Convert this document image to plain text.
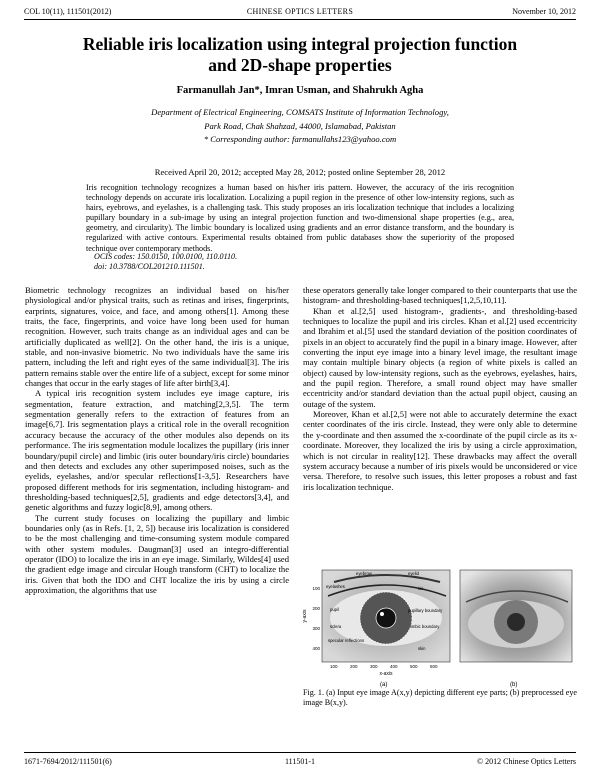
COL 10(11), 111501(2012)	CHINESE OPTICS LETTERS	November 10, 2012
Reliable iris localization using integral projection function
and 2D-shape properties
Farmanullah Jan*, Imran Usman, and Shahrukh Agha
Department of Electrical Engineering, COMSATS Institute of Information Technology,
Park Road, Chak Shahzad, 44000, Islamabad, Pakistan
* Corresponding author: farmanullahs123@yahoo.com
Received April 20, 2012; accepted May 28, 2012; posted online September 28, 2012
Iris recognition technology recognizes a human based on his/her iris pattern. However, the accuracy of the iris recognition technology depends on accurate iris localization. Localizing a pupil region in the presence of other low-intensity regions, such as hairs, eyebrows, and eyelashes, is a challenging task. This study proposes an iris localization technique that includes a localizing pupillary boundary in a sub-image by using an integral projection function and two-dimensional shape properties (e.g., area, geometry, and circularity). The limbic boundary is localized using gradients and an error distance transform, and the boundary is regularized with active contours. Experimental results obtained from public databases show the superiority of the proposed technique over contemporary methods.
OCIS codes: 150.0150, 100.0100, 110.0110.
doi: 10.3788/COL201210.111501.

Biometric technology recognizes an individual based on his/her physiological and/or physical traits, such as retinas and irises, fingerprints, earprints, signatures, voice, and face, and among others[1]. Among these traits, the face, fingerprints, and voice have long been used for human recognition. However, such traits change as an individual ages and can be artificially duplicated as well[2]. On the other hand, the iris is a unique, stable, and non-invasive biometric. No two individuals have the same iris pattern, including the left and right eyes of the same individual[3]. The iris pattern remains stable over the entire life of a subject, except for some minor changes that occur in the early stages of life after birth[3,4].

A typical iris recognition system includes eye image capture, iris segmentation, feature extraction, and matching[2,3,5]. The term segmentation generally refers to the extraction of features from an image[6,7]. Iris segmentation plays a critical role in the overall recognition accuracy because the accuracy of the other modules also depends on its performance. The iris segmentation module localizes the pupillary (iris inner boundary/pupil circle) and limbic (iris outer boundary/iris circle) boundaries and then detects and excludes any other superimposed noises, such as the eyelids, eyelashes, and/or specular reflections[1-3,5]. Researchers have proposed different methods for iris segmentation, including histogram- and thresholding-based techniques[2,5], gradients and edge detectors[3,4], and genetic algorithms and fuzzy logic[8,9], among others.

The current study focuses on localizing the pupillary and limbic boundaries only (as in Refs. [1, 2, 5]) because iris localization is considered to be the most challenging and time-consuming system module compared with other system modules. Daugman[3] used an integro-differential operator (IDO) to localize the iris in an eye image. Similarly, Wildes[4] used the gradient edge image and circular Hough transform (CHT) to localize the iris. Given that both the IDO and CHT localize the iris by using a circle approximation, the algorithms that use

these operators generally take longer compared to their counterparts that use the histogram- and thresholding-based techniques[1,2,5,10,11].

Khan et al.[2,5] used histogram-, gradients-, and thresholding-based techniques to localize the pupil and iris circles. Khan et al.[2] used eccentricity and Ibrahim et al.[5] used the standard deviation of the position coordinates of pixels in an object to accurately find the pupil in a binary image. However, after converting the input eye image into a binary level image, the resultant image may contain multiple binary objects (a region of white pixels is called an object) caused by low-intensity regions, such as the eyebrows, eyelashes, hairs, and the pupil region. Therefore, a small round object may have smaller eccentricity and/or standard deviation than the actual pupil object, causing an outage of the system.

Moreover, Khan et al.[2,5] were not able to accurately determine the exact center coordinates of the iris circle. Instead, they were only able to determine the y-coordinate and then assumed the x-coordinate of the pupil circle as its x-coordinate. Moreover, they localized the iris by using a circle approximation, which is not circular in reality[12]. These drawbacks may affect the overall system accuracy because a number of iris pixels would be unconsidered or vice versa. Therefore, to resolve such issues, this letter proposes a robust and fast iris localization technique.

eyelid
eyebrow
iris
eyelashes
pupillary boundary
pupil
limbic boundary
sclera
specular reflections
skin
100	200	300	400	500	600
100
200
300
400
x-axis
y-axis
(a)	(b)
Fig. 1. (a) Input eye image A(x,y) depicting different eye parts; (b) preprocessed eye image B(x,y).
1671-7694/2012/111501(6)	111501-1	© 2012 Chinese Optics Letters
